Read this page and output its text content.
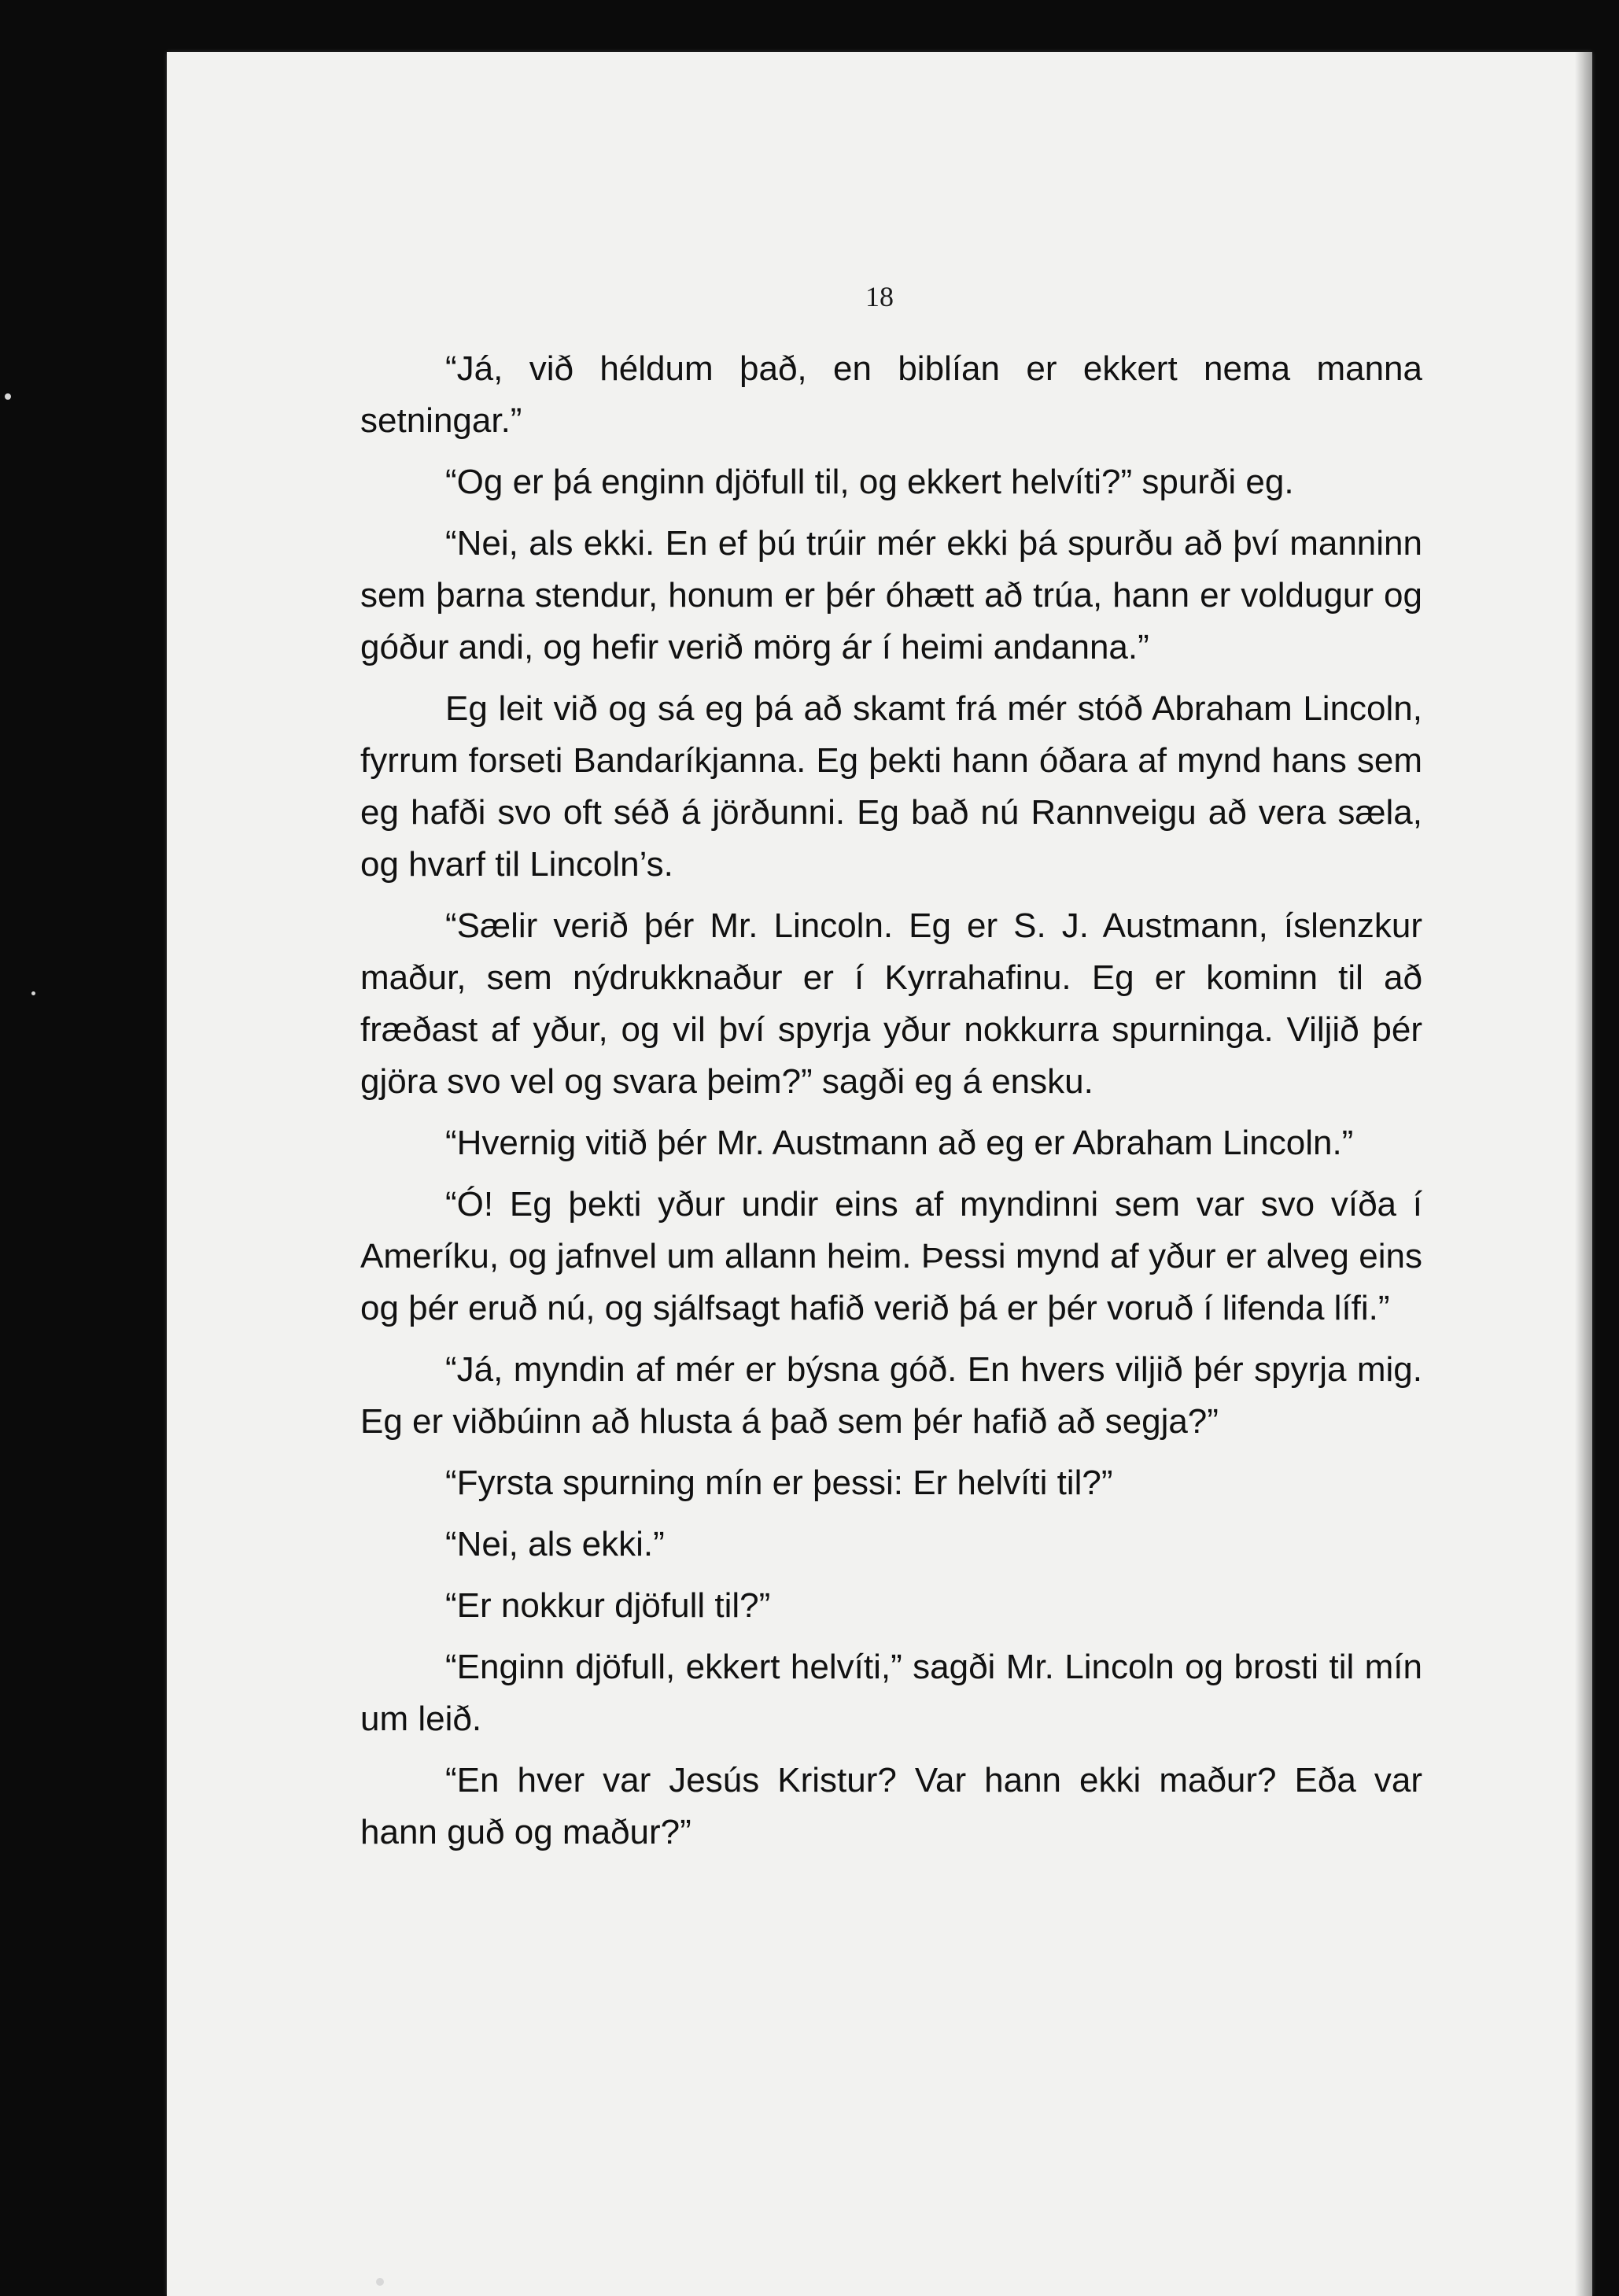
18

“Já, við héldum það, en biblían er ekkert nema manna setningar.”

“Og er þá enginn djöfull til, og ekkert helvíti?” spurði eg.

“Nei, als ekki. En ef þú trúir mér ekki þá spurðu að því manninn sem þarna stendur, honum er þér óhætt að trúa, hann er voldugur og góður andi, og hefir verið mörg ár í heimi andanna.”

Eg leit við og sá eg þá að skamt frá mér stóð Abraham Lincoln, fyrrum forseti Bandaríkjanna. Eg þekti hann óðara af mynd hans sem eg hafði svo oft séð á jörðunni. Eg bað nú Rannveigu að vera sæla, og hvarf til Lincoln’s.

“Sælir verið þér Mr. Lincoln. Eg er S. J. Austmann, íslenzkur maður, sem nýdrukknaður er í Kyrrahafinu. Eg er kominn til að fræðast af yður, og vil því spyrja yður nokkurra spurninga. Viljið þér gjöra svo vel og svara þeim?” sagði eg á ensku.

“Hvernig vitið þér Mr. Austmann að eg er Abraham Lincoln.”

“Ó! Eg þekti yður undir eins af myndinni sem var svo víða í Ameríku, og jafnvel um allann heim. Þessi mynd af yður er alveg eins og þér eruð nú, og sjálfsagt hafið verið þá er þér voruð í lifenda lífi.”

“Já, myndin af mér er býsna góð. En hvers viljið þér spyrja mig. Eg er viðbúinn að hlusta á það sem þér hafið að segja?”

“Fyrsta spurning mín er þessi: Er helvíti til?”

“Nei, als ekki.”

“Er nokkur djöfull til?”

“Enginn djöfull, ekkert helvíti,” sagði Mr. Lincoln og brosti til mín um leið.

“En hver var Jesús Kristur? Var hann ekki maður? Eða var hann guð og maður?”
